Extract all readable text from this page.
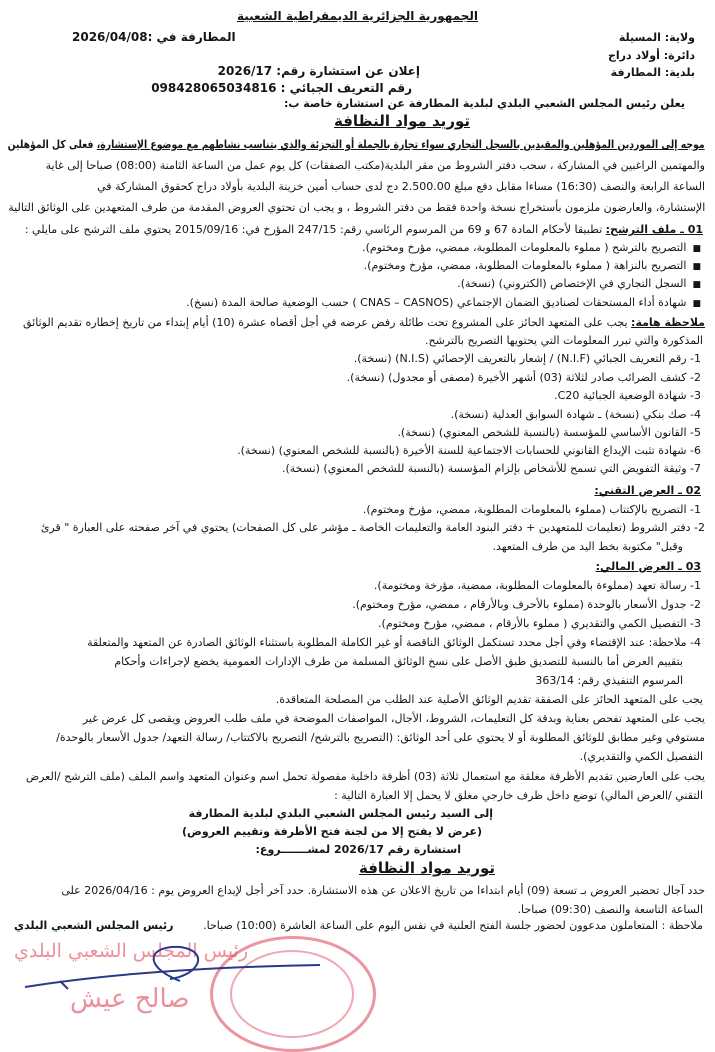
الجمهورية الجزائرية الديمقراطية الشعبية
المطارفة في :2026/04/08	ولاية: المسيلة
دائرة: أولاد دراج
بلدية: المطارفة
إعلان عن استشارة رقم: 2026/17
رقم التعريف الجبائي : 098428065034816
يعلن رئيس المجلس الشعبي البلدي لبلدية المطارفة عن استشارة خاصة ب:
توريد مواد النظافة
موجه إلى الموردين المؤهلين والمقيدين بالسجل التجاري سواء تجارة بالجملة أو التجزئة والذي يتناسب نشاطهم مع موضوع الإستشارة، فعلى كل المؤهلين
والمهتمين الراغبين في المشاركة ، سحب دفتر الشروط من مقر البلدية(مكتب الصفقات) كل يوم عمل من الساعة الثامنة (08:00) صباحا إلى غاية
الساعة الرابعة والنصف (16:30) مساءا مقابل دفع مبلغ 2.500.00 دج لدى حساب أمين خزينة البلدية بأولاد دراج كحقوق المشاركة في
الإستشارة، والعارضون ملزمون بأستخراج نسخة واحدة فقط من دفتر الشروط ، و يجب ان تحتوي العروض المقدمة من طرف المتعهدين على الوثائق التالية
01 ـ ملف الترشح: تطبيقا لأحكام المادة 67 و 69 من المرسوم الرئاسي رقم: 247/15 المؤرخ في: 2015/09/16 يحتوي ملف الترشح على مايلي :
■ التصريح بالترشح ( مملوء بالمعلومات المطلوبة، ممضي، مؤرخ ومختوم).
■ التصريح بالنزاهة ( مملوء بالمعلومات المطلوبة، ممضي، مؤرخ ومختوم).
■ السجل التجاري في الإختصاص (الكتروني) (نسخة).
■ شهادة أداء المستحقات لصناديق الضمان الإجتماعي (CNAS – CASNOS ) حسب الوضعية صالحة المدة (نسخ).
ملاحظة هامة: يجب على المتعهد الحائز على المشروع تحت طائلة رفض عرضه في أجل أقصاه عشرة (10) أيام إبتداء من تاريخ إخطاره تقديم الوثائق
المذكورة والتي تبرر المعلومات التي يحتويها التصريح بالترشح.
1- رقم التعريف الجبائي (N.I.F) / إشعار بالتعريف الإحصائي (N.I.S) (نسخة).
2- كشف الضرائب صادر لثلاثة (03) أشهر الأخيرة (مصفى أو مجدول) (نسخة).
3- شهادة الوضعية الجبائية C20.
4- صك بنكي (نسخة) ـ شهادة السوابق العدلية (نسخة).
5- القانون الأساسي للمؤسسة (بالنسبة للشخص المعنوي) (نسخة).
6- شهادة تثبت الإيداع القانوني للحسابات الاجتماعية للسنة الأخيرة (بالنسبة للشخص المعنوي) (نسخة).
7- وثيقة التفويض التي تسمح للأشخاص بإلزام المؤسسة (بالنسبة للشخص المعنوي) (نسخة).
02 ـ العرض التقني:
1- التصريح بالإكتتاب (مملوء بالمعلومات المطلوبة، ممضي، مؤرخ ومختوم).
2- دفتر الشروط (تعليمات للمتعهدين + دفتر البنود العامة والتعليمات الخاصة ـ مؤشر على كل الصفحات) يحتوي في آخر صفحته على العبارة " قرئ
وقبل" مكتوبة بخط اليد من طرف المتعهد.
03 ـ العرض المالي:
1- رسالة تعهد (مملوءة بالمعلومات المطلوبة، ممضية، مؤرخة ومختومة).
2- جدول الأسعار بالوحدة (مملوء بالأحرف وبالأرقام ، ممضي، مؤرخ ومختوم).
3- التفصيل الكمي والتقديري ( مملوء بالأرقام ، ممضي، مؤرخ ومختوم).
4- ملاحظة: عند الإقتضاء وفي أجل محدد تستكمل الوثائق الناقصة أو غير الكاملة المطلوبة باستثناء الوثائق الصادرة عن المتعهد والمتعلقة
بتقييم العرض أما بالنسبة للتصديق طبق الأصل على نسخ الوثائق المسلمة من طرف الإدارات العمومية يخضع لإجراءات وأحكام
المرسوم التنفيذي رقم: 363/14
يجب على المتعهد الحائز على الصفقة تقديم الوثائق الأصلية عند الطلب من المصلحة المتعاقدة.
يجب على المتعهد تفحص بعناية وبدقة كل التعليمات، الشروط، الأجال، المواصفات الموضحة في ملف طلب العروض ويقصى كل عرض غير
مستوفي وغير مطابق للوثائق المطلوبة أو لا يحتوي على أحد الوثائق: (التصريح بالترشح/ التصريح بالاكتتاب/ رسالة التعهد/ جدول الأسعار بالوحدة/
التفصيل الكمي والتقديري).
يجب على العارضين تقديم الأظرفة مغلقة مع استعمال ثلاثة (03) أظرفة داخلية مفصولة تحمل اسم وعنوان المتعهد واسم الملف (ملف الترشح /العرض
التقني /العرض المالي) توضع داخل ظرف خارجي مغلق لا يحمل إلا العبارة التالية :
إلى السيد رئيس المجلس الشعبي البلدي لبلدية المطارفة
(عرض لا يفتح إلا من لجنة فتح الأظرفة وتقييم العروض)
استشارة رقم 2026/17 لمشـــــــروع:
توريد مواد النظافة
حدد آجال تحضير العروض بـ تسعة (09) أيام ابتداءا من تاريخ الاعلان عن هذه الاستشارة. حدد آخر أجل لإيداع العروض يوم : 2026/04/16 على
الساعة التاسعة والنصف (09:30) صباحا.
ملاحظة : المتعاملون مدعوون لحضور جلسة الفتح العلنية في نفس اليوم على الساعة العاشرة (10:00) صباحا.
رئيس المجلس الشعبي البلدي
رئيس المجلس الشعبي البلدي
صالح عيش
